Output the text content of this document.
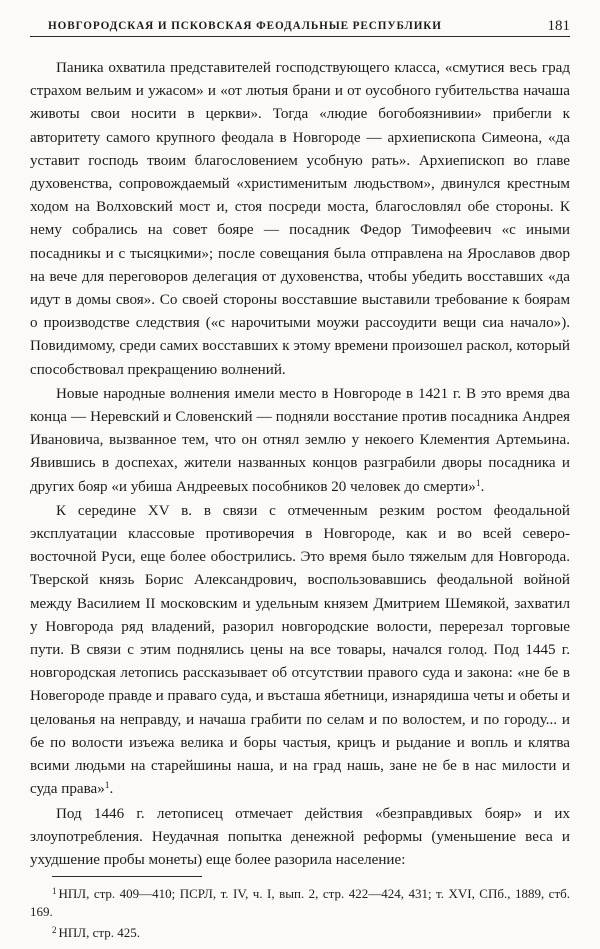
НОВГОРОДСКАЯ И ПСКОВСКАЯ ФЕОДАЛЬНЫЕ РЕСПУБЛИКИ	181

Паника охватила представителей господствующего класса, «смутися весь град страхом вельим и ужасом» и «от лютыя брани и от оусобного губительства начаша животы свои носити в церкви». Тогда «людие богобоязнивии» прибегли к авторитету самого крупного феодала в Новгороде — архиепископа Симеона, «да уставит господь твоим благословением усобную рать». Архиепископ во главе духовенства, сопровождаемый «христименитым людьством», двинулся крестным ходом на Волховский мост и, стоя посреди моста, благословлял обе стороны. К нему собрались на совет бояре — посадник Федор Тимофеевич «с иными посадникы и с тысяцкими»; после совещания была отправлена на Ярославов двор на вече для переговоров делегация от духовенства, чтобы убедить восставших «да идут в домы своя». Со своей стороны восставшие выставили требование к боярам о производстве следствия («с нарочитыми моужи рассоудити вещи сиа начало»). Повидимому, среди самих восставших к этому времени произошел раскол, который способствовал прекращению волнений.

Новые народные волнения имели место в Новгороде в 1421 г. В это время два конца — Неревский и Словенский — подняли восстание против посадника Андрея Ивановича, вызванное тем, что он отнял землю у некоего Клементия Артемьина. Явившись в доспехах, жители названных концов разграбили дворы посадника и других бояр «и убиша Андреевых пособников 20 человек до смерти»$^1$.

К середине XV в. в связи с отмеченным резким ростом феодальной эксплуатации классовые противоречия в Новгороде, как и во всей северо-восточной Руси, еще более обострились. Это время было тяжелым для Новгорода. Тверской князь Борис Александрович, воспользовавшись феодальной войной между Василием II московским и удельным князем Дмитрием Шемякой, захватил у Новгорода ряд владений, разорил новгородские волости, перерезал торговые пути. В связи с этим поднялись цены на все товары, начался голод. Под 1445 г. новгородская летопись рассказывает об отсутствии правого суда и закона: «не бе в Новегороде правде и праваго суда, и въсташа ябетници, изнарядиша четы и обеты и целованья на неправду, и начаша грабити по селам и по волостем, и по городу... и бе по волости изъежа велика и боры частыя, крицъ и рыдание и вопль и клятва всими людьми на старейшины наша, и на град нашь, зане не бе в нас милости и суда права»$^1$.

Под 1446 г. летописец отмечает действия «безправдивых бояр» и их злоупотребления. Неудачная попытка денежной реформы (уменьшение веса и ухудшение пробы монеты) еще более разорила население:

$^1$ НПЛ, стр. 409—410; ПСРЛ, т. IV, ч. I, вып. 2, стр. 422—424, 431; т. XVI, СПб., 1889, стб. 169.

$^2$ НПЛ, стр. 425.
